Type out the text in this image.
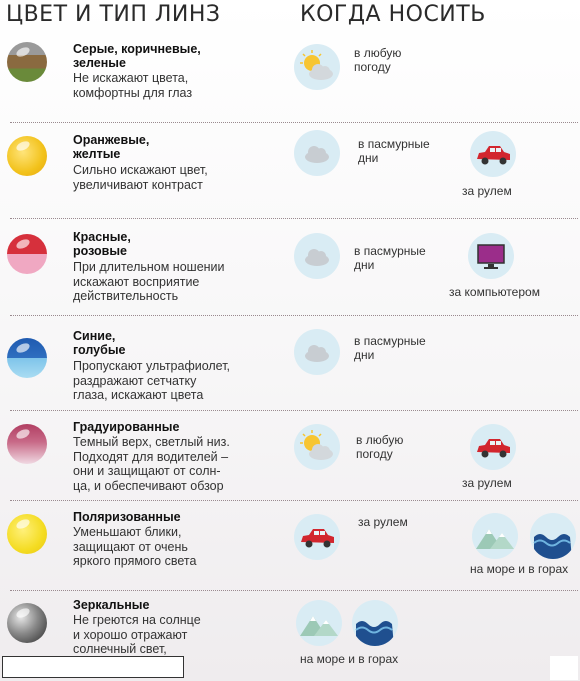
ЦВЕТ И ТИП ЛИНЗ	КОГДА НОСИТЬ
Серые, коричневые,
зеленые
Не искажают цвета,
комфортны для глаз
в любую
погоду
Оранжевые,
желтые
Сильно искажают цвет,
увеличивают контраст
в пасмурные
дни
за рулем
Красные,
розовые
При длительном ношении
искажают восприятие
действительность
в пасмурные
дни
за компьютером
Синие,
голубые
Пропускают ультрафиолет,
раздражают сетчатку
глаза, искажают цвета
в пасмурные
дни
Градуированные
Темный верх, светлый низ.
Подходят для водителей –
они и защищают от солн-
ца, и обеспечивают обзор
в любую
погоду
за рулем
Поляризованные
Уменьшают блики,
защищают от очень
яркого прямого света
за рулем
на море и в горах
Зеркальные
Не греются на солнце
и хорошо отражают
солнечный свет,
на море и в горах
